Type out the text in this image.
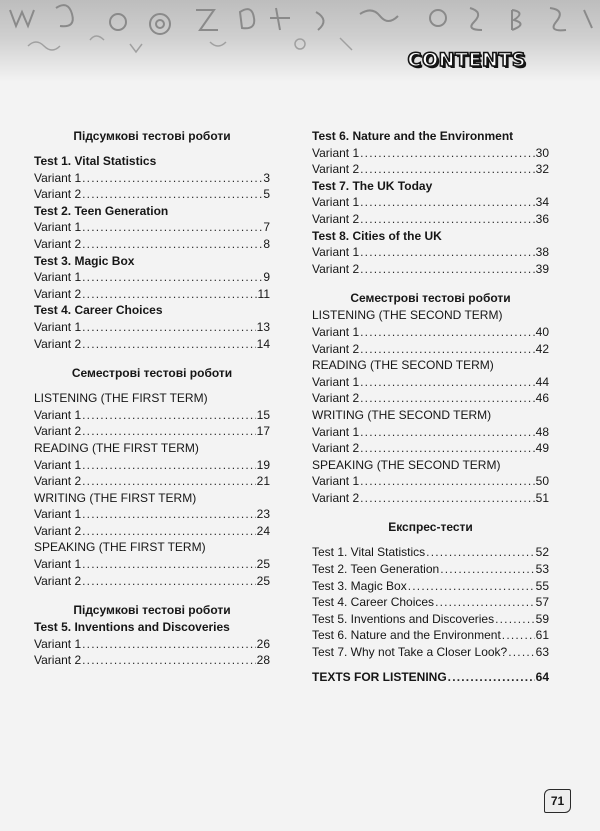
CONTENTS
Підсумкові тестові роботи
Test 1. Vital Statistics
Variant 1 .....	3
Variant 2 .....	5
Test 2. Teen Generation
Variant 1 .....	7
Variant 2 .....	8
Test 3. Magic Box
Variant 1 .....	9
Variant 2 .....	11
Test 4. Career Choices
Variant 1 .....	13
Variant 2 .....	14
Семестрові тестові роботи
LISTENING (THE FIRST TERM)
Variant 1 .....	15
Variant 2 .....	17
READING (THE FIRST TERM)
Variant 1 .....	19
Variant 2 .....	21
WRITING (THE FIRST TERM)
Variant 1 .....	23
Variant 2 .....	24
SPEAKING (THE FIRST TERM)
Variant 1 .....	25
Variant 2 .....	25
Підсумкові тестові роботи
Test 5. Inventions and Discoveries
Variant 1 .....	26
Variant 2 .....	28
Test 6. Nature and the Environment
Variant 1 .....	30
Variant 2 .....	32
Test 7. The UK Today
Variant 1 .....	34
Variant 2 .....	36
Test 8. Cities of the UK
Variant 1 .....	38
Variant 2 .....	39
Семестрові тестові роботи
LISTENING (THE SECOND TERM)
Variant 1 .....	40
Variant 2 .....	42
READING (THE SECOND TERM)
Variant 1 .....	44
Variant 2 .....	46
WRITING (THE SECOND TERM)
Variant 1 .....	48
Variant 2 .....	49
SPEAKING (THE SECOND TERM)
Variant 1 .....	50
Variant 2 .....	51
Експрес-тести
Test 1. Vital Statistics .....	52
Test 2. Teen Generation .....	53
Test 3. Magic Box .....	55
Test 4. Career Choices .....	57
Test 5. Inventions and Discoveries .....	59
Test 6. Nature and the Environment .....	61
Test 7. Why not Take a Closer Look? ..... 63
TEXTS FOR LISTENING .....	64
71
